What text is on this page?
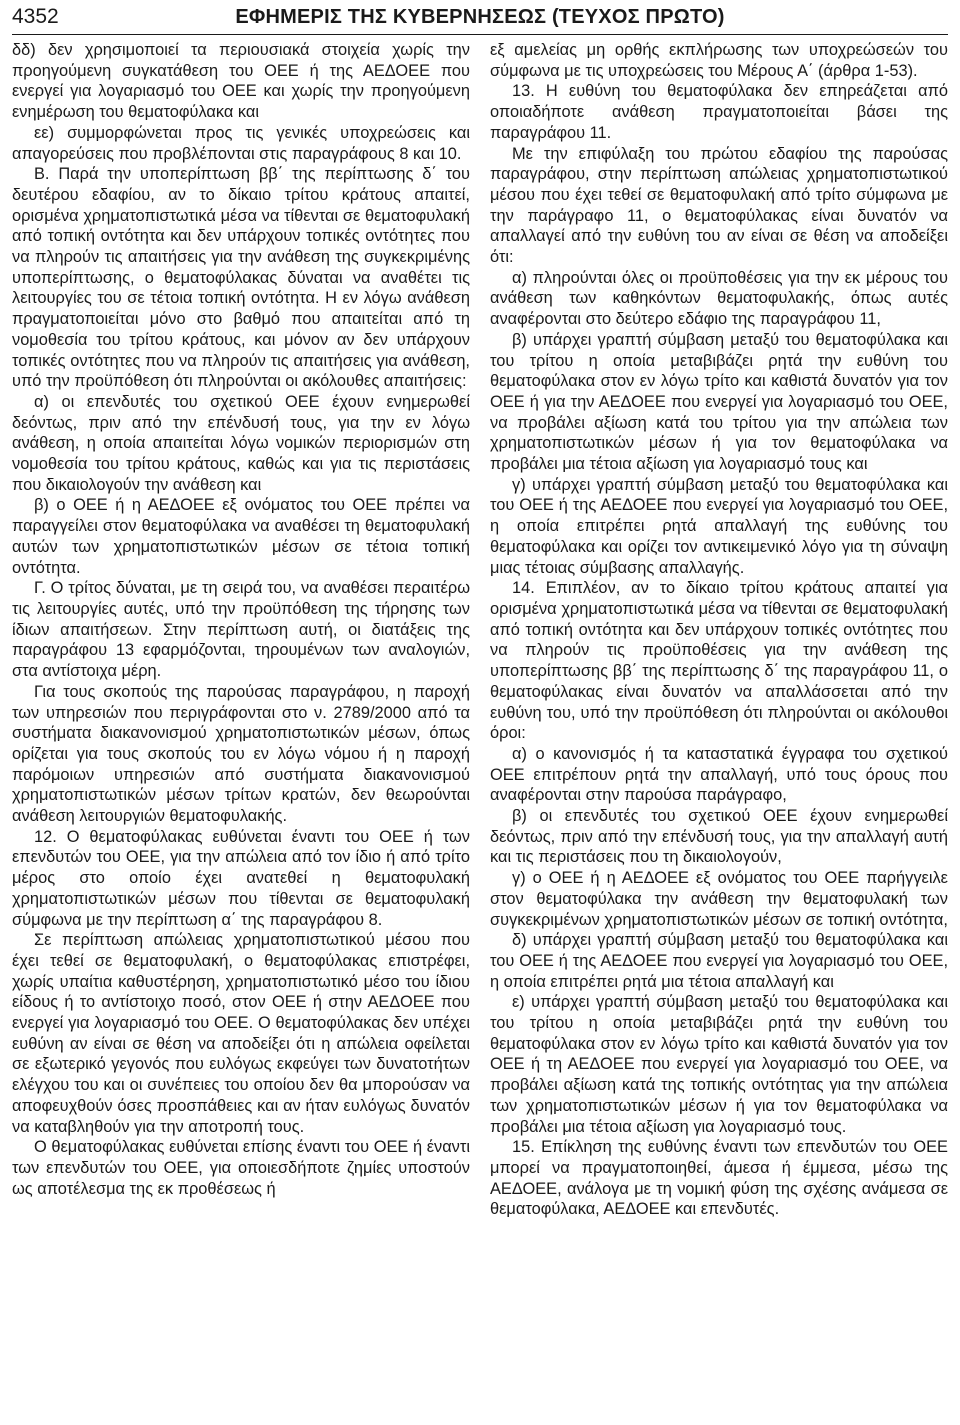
4352	ΕΦΗΜΕΡΙΣ ΤΗΣ ΚΥΒΕΡΝΗΣΕΩΣ (ΤΕΥΧΟΣ ΠΡΩΤΟ)

δδ) δεν χρησιμοποιεί τα περιουσιακά στοιχεία χωρίς την προηγούμενη συγκατάθεση του ΟΕΕ ή της ΑΕΔΟΕΕ που ενεργεί για λογαριασμό του ΟΕΕ και χωρίς την προηγούμενη ενημέρωση του θεματοφύλακα και

εε) συμμορφώνεται προς τις γενικές υποχρεώσεις και απαγορεύσεις που προβλέπονται στις παραγράφους 8 και 10.

Β. Παρά την υποπερίπτωση ββ΄ της περίπτωσης δ΄ του δευτέρου εδαφίου, αν το δίκαιο τρίτου κράτους απαιτεί, ορισμένα χρηματοπιστωτικά μέσα να τίθενται σε θεματοφυλακή από τοπική οντότητα και δεν υπάρχουν τοπικές οντότητες που να πληρούν τις απαιτήσεις για την ανάθεση της συγκεκριμένης υποπερίπτωσης, ο θεματοφύλακας δύναται να αναθέτει τις λειτουργίες του σε τέτοια τοπική οντότητα. Η εν λόγω ανάθεση πραγματοποιείται μόνο στο βαθμό που απαιτείται από τη νομοθεσία του τρίτου κράτους, και μόνον αν δεν υπάρχουν τοπικές οντότητες που να πληρούν τις απαιτήσεις για ανάθεση, υπό την προϋπόθεση ότι πληρούνται οι ακόλουθες απαιτήσεις:

α) οι επενδυτές του σχετικού ΟΕΕ έχουν ενημερωθεί δεόντως, πριν από την επένδυσή τους, για την εν λόγω ανάθεση, η οποία απαιτείται λόγω νομικών περιορισμών στη νομοθεσία του τρίτου κράτους, καθώς και για τις περιστάσεις που δικαιολογούν την ανάθεση και

β) ο ΟΕΕ ή η ΑΕΔΟΕΕ εξ ονόματος του ΟΕΕ πρέπει να παραγγείλει στον θεματοφύλακα να αναθέσει τη θεματοφυλακή αυτών των χρηματοπιστωτικών μέσων σε τέτοια τοπική οντότητα.

Γ. Ο τρίτος δύναται, με τη σειρά του, να αναθέσει περαιτέρω τις λειτουργίες αυτές, υπό την προϋπόθεση της τήρησης των ίδιων απαιτήσεων. Στην περίπτωση αυτή, οι διατάξεις της παραγράφου 13 εφαρμόζονται, τηρουμένων των αναλογιών, στα αντίστοιχα μέρη.

Για τους σκοπούς της παρούσας παραγράφου, η παροχή των υπηρεσιών που περιγράφονται στο ν. 2789/2000 από τα συστήματα διακανονισμού χρηματοπιστωτικών μέσων, όπως ορίζεται για τους σκοπούς του εν λόγω νόμου ή η παροχή παρόμοιων υπηρεσιών από συστήματα διακανονισμού χρηματοπιστωτικών μέσων τρίτων κρατών, δεν θεωρούνται ανάθεση λειτουργιών θεματοφυλακής.

12. Ο θεματοφύλακας ευθύνεται έναντι του ΟΕΕ ή των επενδυτών του ΟΕΕ, για την απώλεια από τον ίδιο ή από τρίτο μέρος στο οποίο έχει ανατεθεί η θεματοφυλακή χρηματοπιστωτικών μέσων που τίθενται σε θεματοφυλακή σύμφωνα με την περίπτωση α΄ της παραγράφου 8.

Σε περίπτωση απώλειας χρηματοπιστωτικού μέσου που έχει τεθεί σε θεματοφυλακή, ο θεματοφύλακας επιστρέφει, χωρίς υπαίτια καθυστέρηση, χρηματοπιστωτικό μέσο του ίδιου είδους ή το αντίστοιχο ποσό, στον ΟΕΕ ή στην ΑΕΔΟΕΕ που ενεργεί για λογαριασμό του ΟΕΕ. Ο θεματοφύλακας δεν υπέχει ευθύνη αν είναι σε θέση να αποδείξει ότι η απώλεια οφείλεται σε εξωτερικό γεγονός που ευλόγως εκφεύγει των δυνατοτήτων ελέγχου του και οι συνέπειες του οποίου δεν θα μπορούσαν να αποφευχθούν όσες προσπάθειες και αν ήταν ευλόγως δυνατόν να καταβληθούν για την αποτροπή τους.

Ο θεματοφύλακας ευθύνεται επίσης έναντι του ΟΕΕ ή έναντι των επενδυτών του ΟΕΕ, για οποιεσδήποτε ζημίες υποστούν ως αποτέλεσμα της εκ προθέσεως ή

εξ αμελείας μη ορθής εκπλήρωσης των υποχρεώσεών του σύμφωνα με τις υποχρεώσεις του Μέρους Α΄ (άρθρα 1-53).

13. Η ευθύνη του θεματοφύλακα δεν επηρεάζεται από οποιαδήποτε ανάθεση πραγματοποιείται βάσει της παραγράφου 11.

Με την επιφύλαξη του πρώτου εδαφίου της παρούσας παραγράφου, στην περίπτωση απώλειας χρηματοπιστωτικού μέσου που έχει τεθεί σε θεματοφυλακή από τρίτο σύμφωνα με την παράγραφο 11, ο θεματοφύλακας είναι δυνατόν να απαλλαγεί από την ευθύνη του αν είναι σε θέση να αποδείξει ότι:

α) πληρούνται όλες οι προϋποθέσεις για την εκ μέρους του ανάθεση των καθηκόντων θεματοφυλακής, όπως αυτές αναφέρονται στο δεύτερο εδάφιο της παραγράφου 11,

β) υπάρχει γραπτή σύμβαση μεταξύ του θεματοφύλακα και του τρίτου η οποία μεταβιβάζει ρητά την ευθύνη του θεματοφύλακα στον εν λόγω τρίτο και καθιστά δυνατόν για τον ΟΕΕ ή για την ΑΕΔΟΕΕ που ενεργεί για λογαριασμό του ΟΕΕ, να προβάλει αξίωση κατά του τρίτου για την απώλεια των χρηματοπιστωτικών μέσων ή για τον θεματοφύλακα να προβάλει μια τέτοια αξίωση για λογαριασμό τους και

γ) υπάρχει γραπτή σύμβαση μεταξύ του θεματοφύλακα και του ΟΕΕ ή της ΑΕΔΟΕΕ που ενεργεί για λογαριασμό του ΟΕΕ, η οποία επιτρέπει ρητά απαλλαγή της ευθύνης του θεματοφύλακα και ορίζει τον αντικειμενικό λόγο για τη σύναψη μιας τέτοιας σύμβασης απαλλαγής.

14. Επιπλέον, αν το δίκαιο τρίτου κράτους απαιτεί για ορισμένα χρηματοπιστωτικά μέσα να τίθενται σε θεματοφυλακή από τοπική οντότητα και δεν υπάρχουν τοπικές οντότητες που να πληρούν τις προϋποθέσεις για την ανάθεση της υποπερίπτωσης ββ΄ της περίπτωσης δ΄ της παραγράφου 11, ο θεματοφύλακας είναι δυνατόν να απαλλάσσεται από την ευθύνη του, υπό την προϋπόθεση ότι πληρούνται οι ακόλουθοι όροι:

α) ο κανονισμός ή τα καταστατικά έγγραφα του σχετικού ΟΕΕ επιτρέπουν ρητά την απαλλαγή, υπό τους όρους που αναφέρονται στην παρούσα παράγραφο,

β) οι επενδυτές του σχετικού ΟΕΕ έχουν ενημερωθεί δεόντως, πριν από την επένδυσή τους, για την απαλλαγή αυτή και τις περιστάσεις που τη δικαιολογούν,

γ) ο ΟΕΕ ή η ΑΕΔΟΕΕ εξ ονόματος του ΟΕΕ παρήγγειλε στον θεματοφύλακα την ανάθεση την θεματοφυλακή των συγκεκριμένων χρηματοπιστωτικών μέσων σε τοπική οντότητα,

δ) υπάρχει γραπτή σύμβαση μεταξύ του θεματοφύλακα και του ΟΕΕ ή της ΑΕΔΟΕΕ που ενεργεί για λογαριασμό του ΟΕΕ, η οποία επιτρέπει ρητά μια τέτοια απαλλαγή και

ε) υπάρχει γραπτή σύμβαση μεταξύ του θεματοφύλακα και του τρίτου η οποία μεταβιβάζει ρητά την ευθύνη του θεματοφύλακα στον εν λόγω τρίτο και καθιστά δυνατόν για τον ΟΕΕ ή τη ΑΕΔΟΕΕ που ενεργεί για λογαριασμό του ΟΕΕ, να προβάλει αξίωση κατά της τοπικής οντότητας για την απώλεια των χρηματοπιστωτικών μέσων ή για τον θεματοφύλακα να προβάλει μια τέτοια αξίωση για λογαριασμό τους.

15. Επίκληση της ευθύνης έναντι των επενδυτών του ΟΕΕ μπορεί να πραγματοποιηθεί, άμεσα ή έμμεσα, μέσω της ΑΕΔΟΕΕ, ανάλογα με τη νομική φύση της σχέσης ανάμεσα σε θεματοφύλακα, ΑΕΔΟΕΕ και επενδυτές.
